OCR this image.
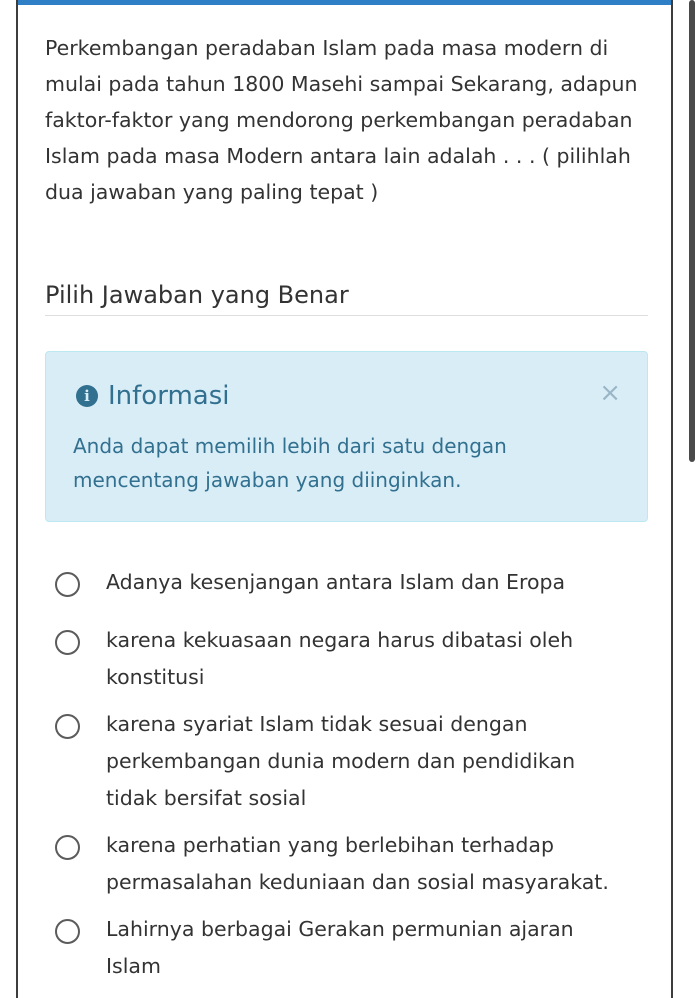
Perkembangan peradaban Islam pada masa modern di mulai pada tahun 1800 Masehi sampai Sekarang, adapun faktor-faktor yang mendorong perkembangan peradaban Islam pada masa Modern antara lain adalah . . . ( pilihlah dua jawaban yang paling tepat )

Pilih Jawaban yang Benar
i Informasi	×

Anda dapat memilih lebih dari satu dengan mencentang jawaban yang diinginkan.

Adanya kesenjangan antara Islam dan Eropa
karena kekuasaan negara harus dibatasi oleh konstitusi
karena syariat Islam tidak sesuai dengan perkembangan dunia modern dan pendidikan tidak bersifat sosial
karena perhatian yang berlebihan terhadap permasalahan keduniaan dan sosial masyarakat.
Lahirnya berbagai Gerakan permunian ajaran Islam
